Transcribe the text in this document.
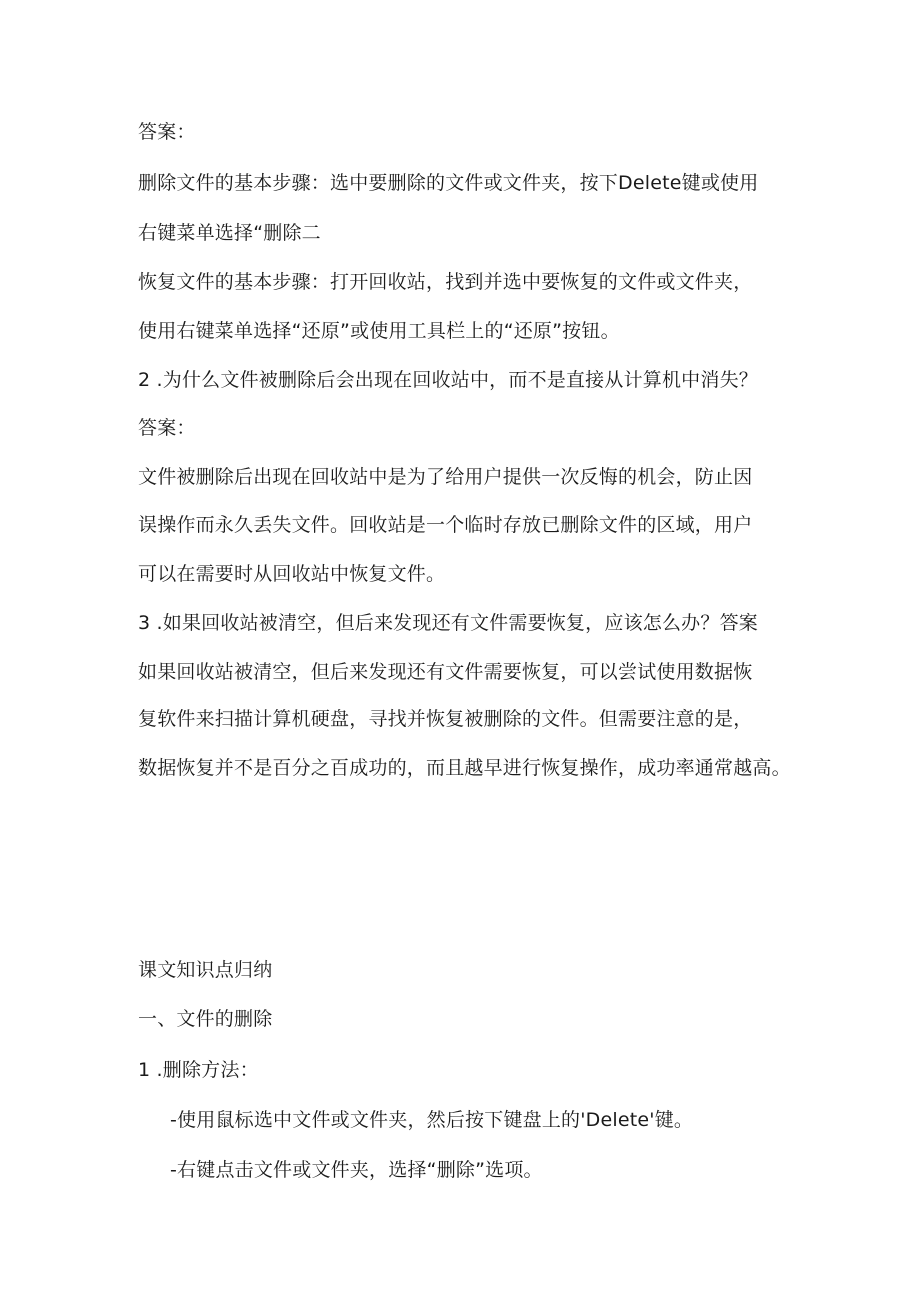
答案：
删除文件的基本步骤：选中要删除的文件或文件夹，按下Delete键或使用
右键菜单选择“删除二
恢复文件的基本步骤：打开回收站，找到并选中要恢复的文件或文件夹，
使用右键菜单选择“还原”或使用工具栏上的“还原”按钮。
2 .为什么文件被删除后会出现在回收站中，而不是直接从计算机中消失？
答案：
文件被删除后出现在回收站中是为了给用户提供一次反悔的机会，防止因
误操作而永久丢失文件。回收站是一个临时存放已删除文件的区域，用户
可以在需要时从回收站中恢复文件。
3 .如果回收站被清空，但后来发现还有文件需要恢复，应该怎么办？答案
如果回收站被清空，但后来发现还有文件需要恢复，可以尝试使用数据恢
复软件来扫描计算机硬盘，寻找并恢复被删除的文件。但需要注意的是，
数据恢复并不是百分之百成功的，而且越早进行恢复操作，成功率通常越高。
课文知识点归纳
一、文件的删除
1 .删除方法：
-使用鼠标选中文件或文件夹，然后按下键盘上的'Delete'键。
-右键点击文件或文件夹，选择“删除”选项。
